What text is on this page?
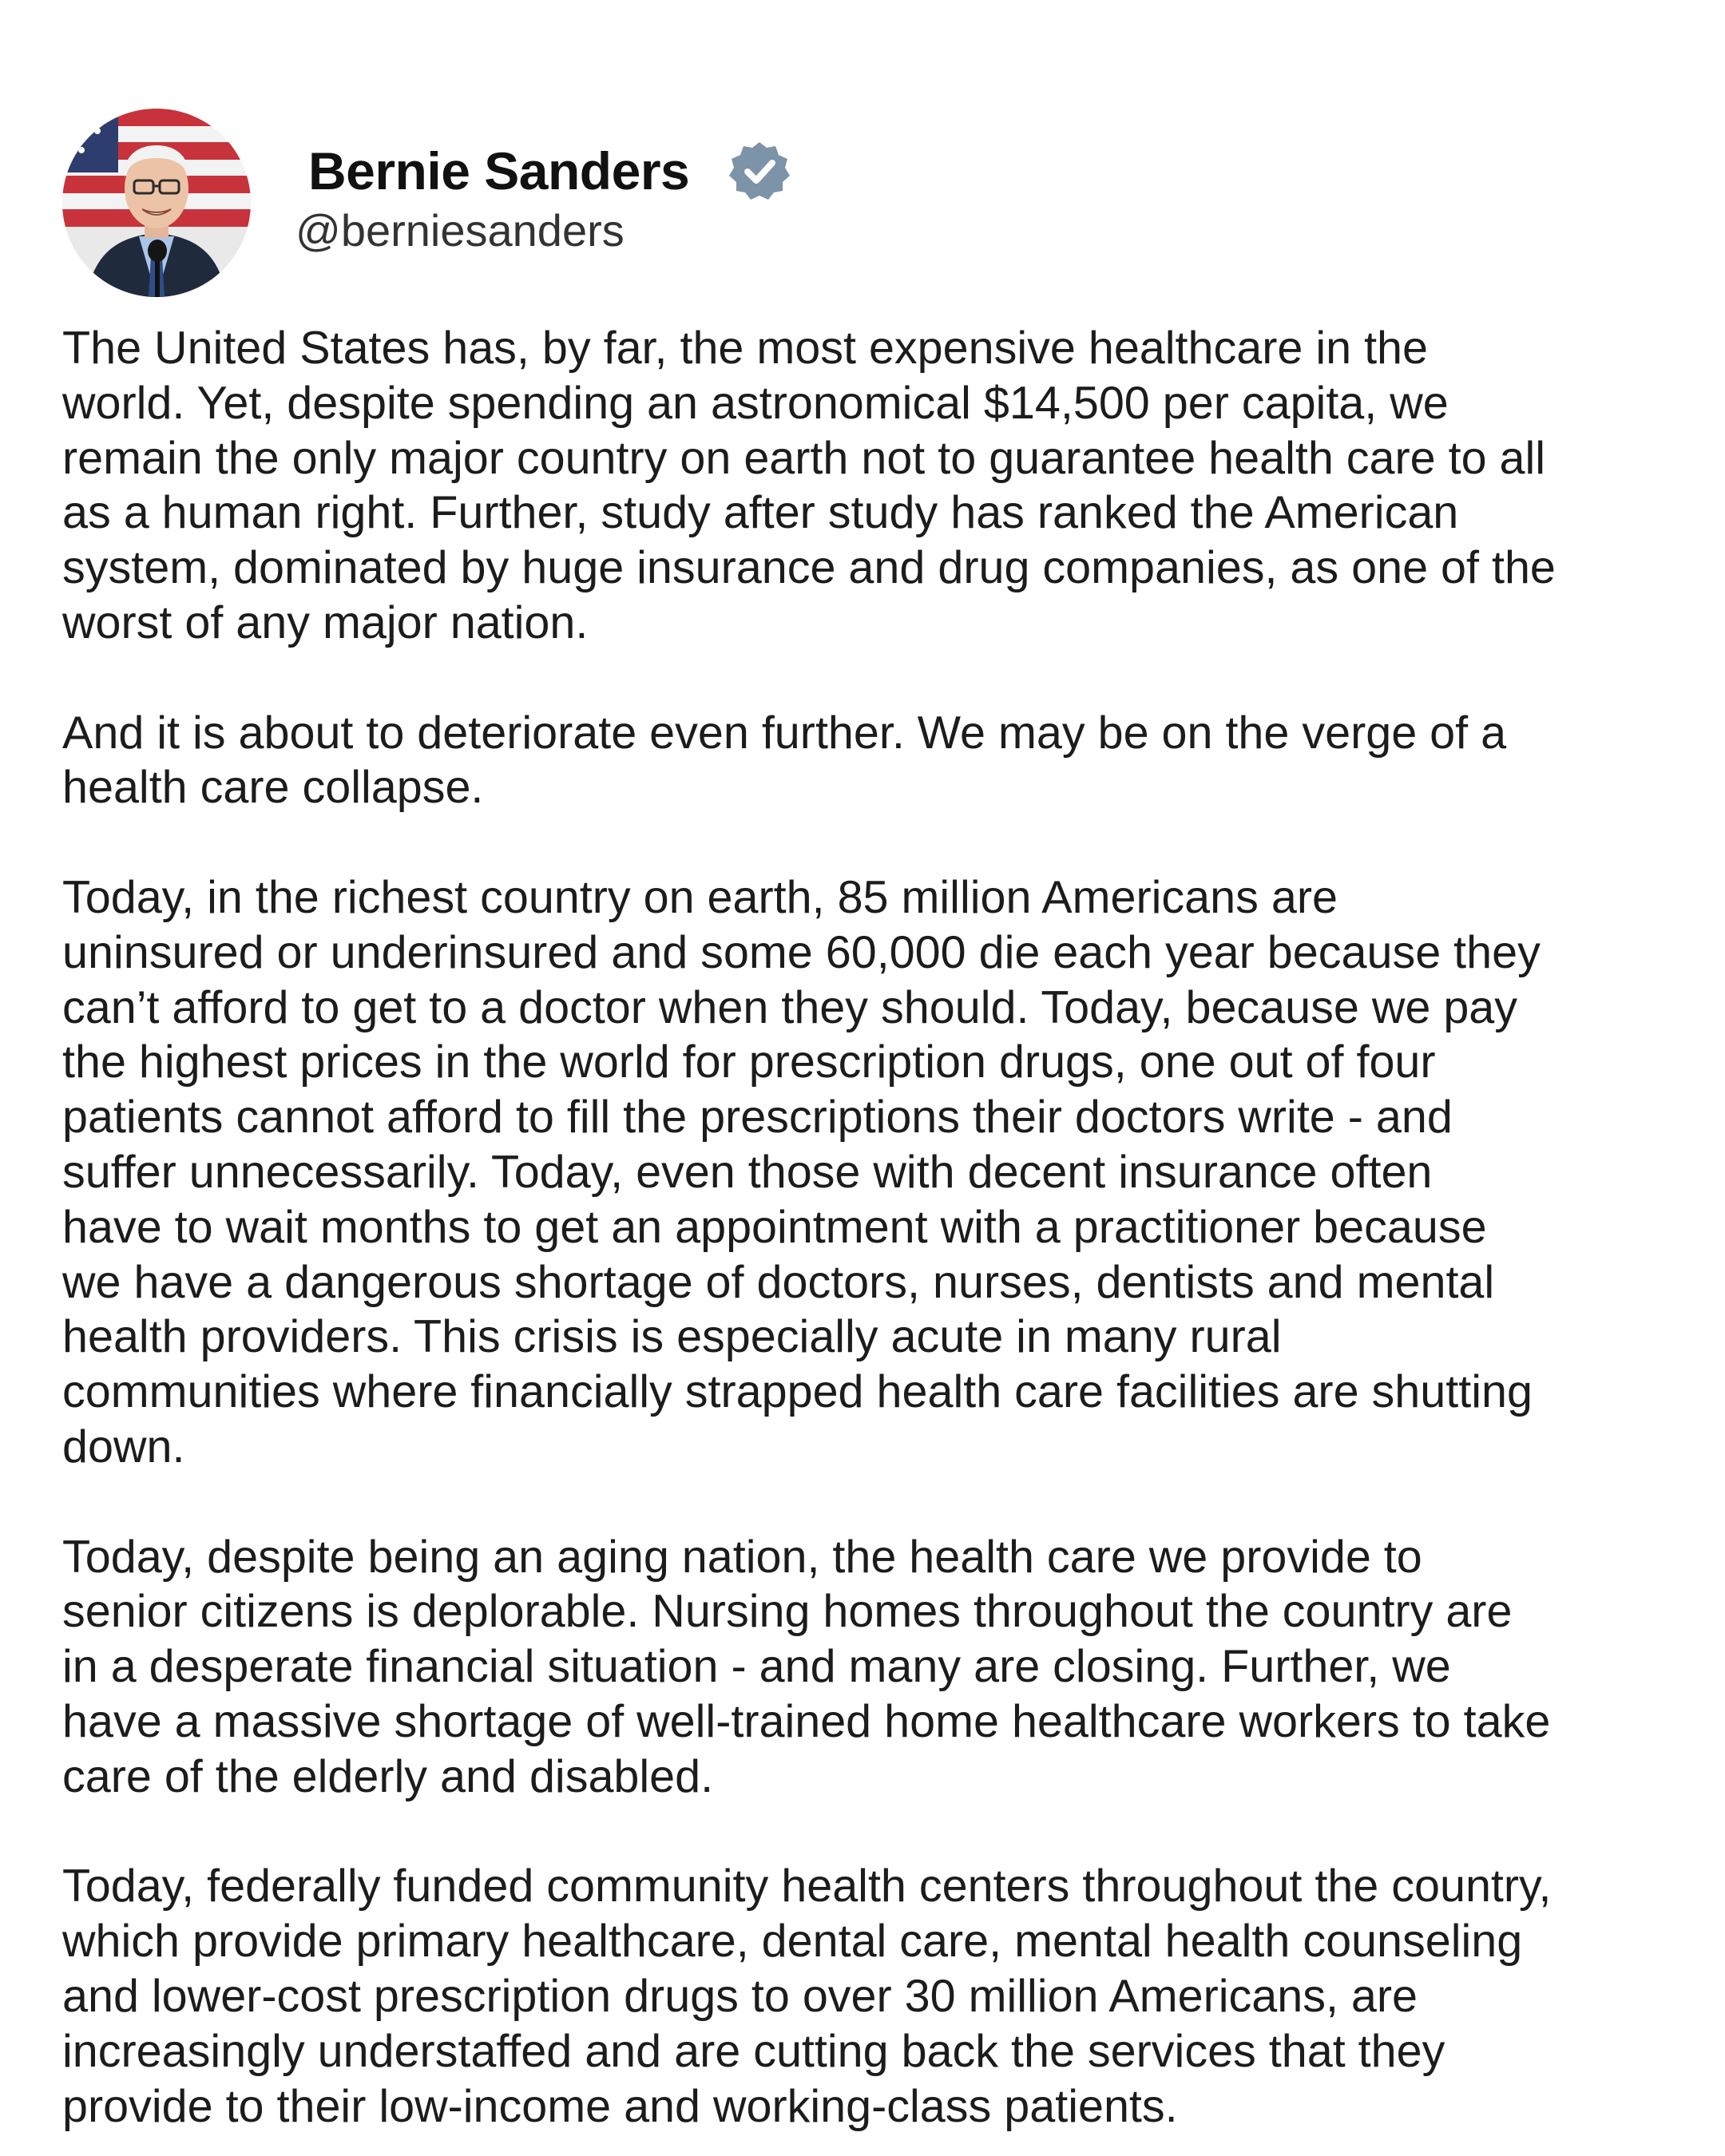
Bernie Sanders
@berniesanders

The United States has, by far, the most expensive healthcare in the
world. Yet, despite spending an astronomical $14,500 per capita, we
remain the only major country on earth not to guarantee health care to all
as a human right. Further, study after study has ranked the American
system, dominated by huge insurance and drug companies, as one of the
worst of any major nation.

And it is about to deteriorate even further. We may be on the verge of a
health care collapse.

Today, in the richest country on earth, 85 million Americans are
uninsured or underinsured and some 60,000 die each year because they
can’t afford to get to a doctor when they should. Today, because we pay
the highest prices in the world for prescription drugs, one out of four
patients cannot afford to fill the prescriptions their doctors write - and
suffer unnecessarily. Today, even those with decent insurance often
have to wait months to get an appointment with a practitioner because
we have a dangerous shortage of doctors, nurses, dentists and mental
health providers. This crisis is especially acute in many rural
communities where financially strapped health care facilities are shutting
down.

Today, despite being an aging nation, the health care we provide to
senior citizens is deplorable. Nursing homes throughout the country are
in a desperate financial situation - and many are closing. Further, we
have a massive shortage of well-trained home healthcare workers to take
care of the elderly and disabled.

Today, federally funded community health centers throughout the country,
which provide primary healthcare, dental care, mental health counseling
and lower-cost prescription drugs to over 30 million Americans, are
increasingly understaffed and are cutting back the services that they
provide to their low-income and working-class patients.
